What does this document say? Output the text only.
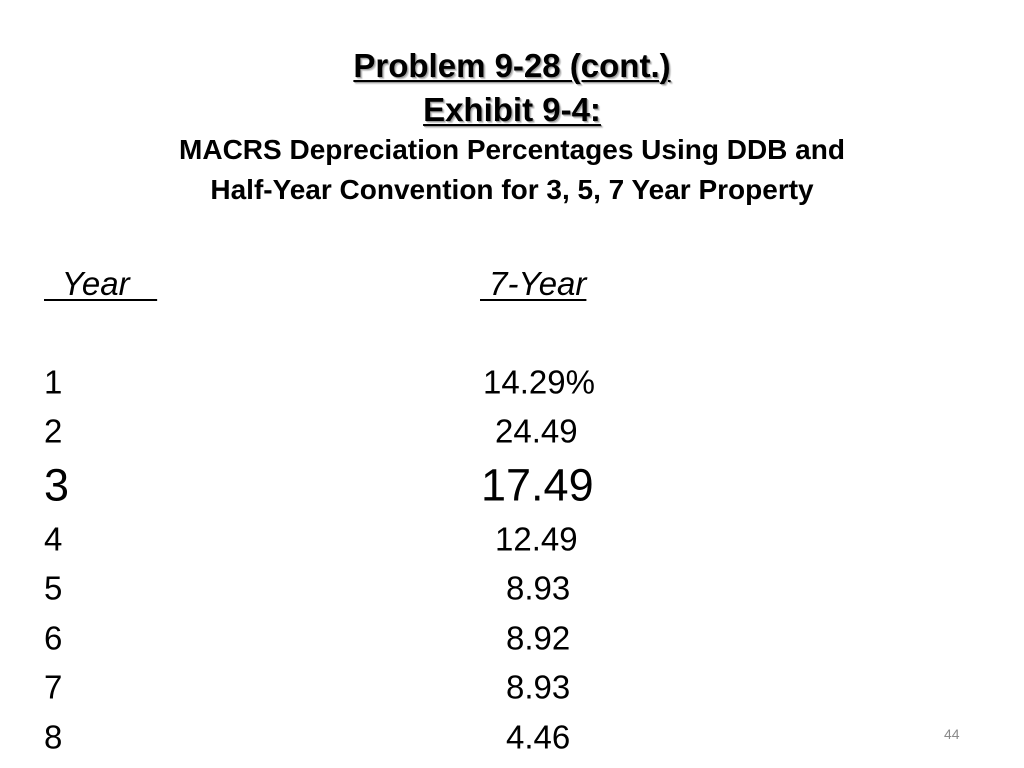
Problem 9-28 (cont.)
Exhibit 9-4:
MACRS Depreciation Percentages Using DDB and
Half-Year Convention for 3, 5, 7 Year Property
Year	7-Year
1	14.29%
2	24.49
3	17.49
4	12.49
5	8.93
6	8.92
7	8.93
8	4.46	44
